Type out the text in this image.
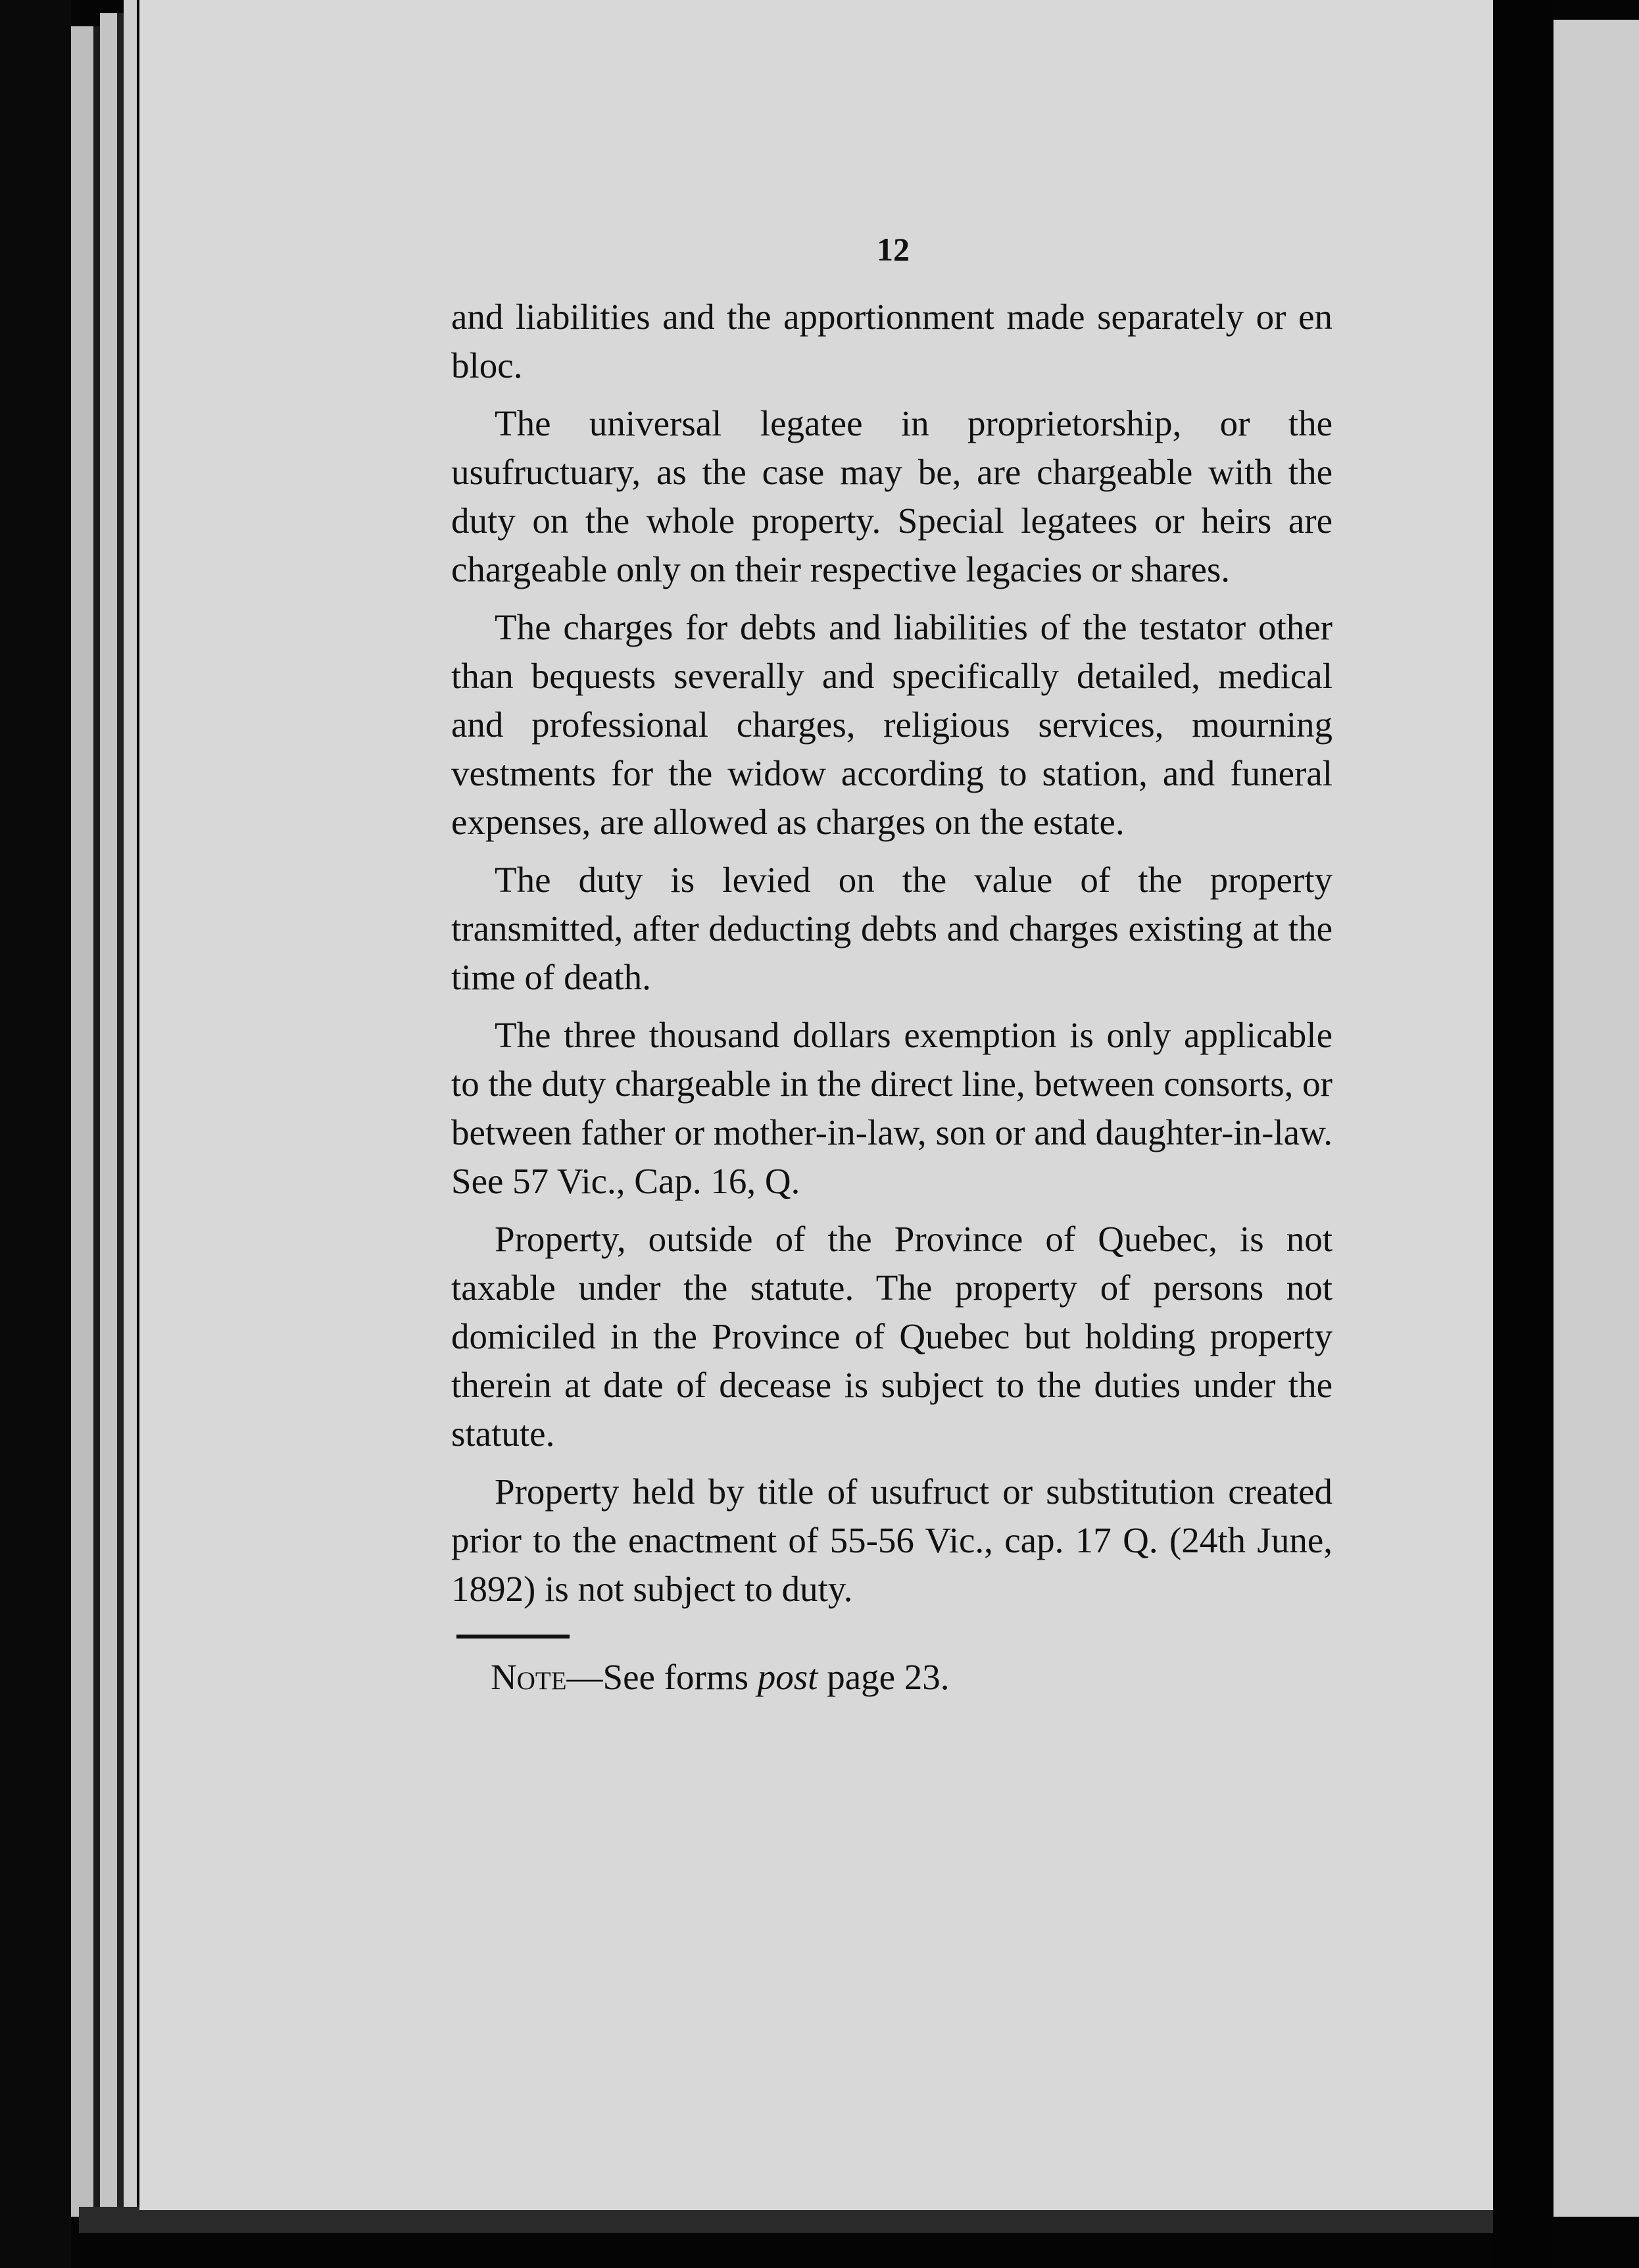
12

and liabilities and the apportionment made separately or en bloc.

The universal legatee in proprietorship, or the usufructuary, as the case may be, are chargeable with the duty on the whole property. Special legatees or heirs are chargeable only on their respective legacies or shares.

The charges for debts and liabilities of the testator other than bequests severally and specifically detailed, medical and professional charges, religious services, mourning vestments for the widow according to station, and funeral expenses, are allowed as charges on the estate.

The duty is levied on the value of the property transmitted, after deducting debts and charges existing at the time of death.

The three thousand dollars exemption is only applicable to the duty chargeable in the direct line, between consorts, or between father or mother-in-law, son or and daughter-in-law. See 57 Vic., Cap. 16, Q.

Property, outside of the Province of Quebec, is not taxable under the statute. The property of persons not domiciled in the Province of Quebec but holding property therein at date of decease is subject to the duties under the statute.

Property held by title of usufruct or substitution created prior to the enactment of 55-56 Vic., cap. 17 Q. (24th June, 1892) is not subject to duty.

Note—See forms post page 23.
